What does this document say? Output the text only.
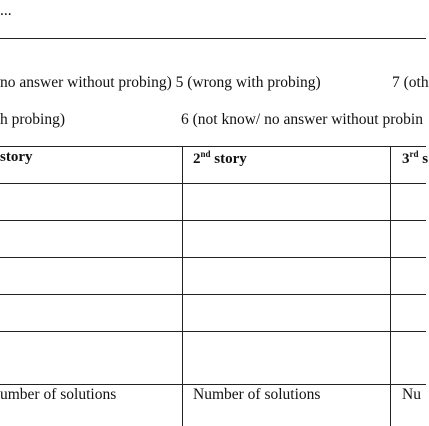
...
no answer without probing) 5 (wrong with probing)	7 (oth
h probing)	6 (not know/ no answer without probin
story	2nd story	3rd s
umber of solutions	Number of solutions	Nu
